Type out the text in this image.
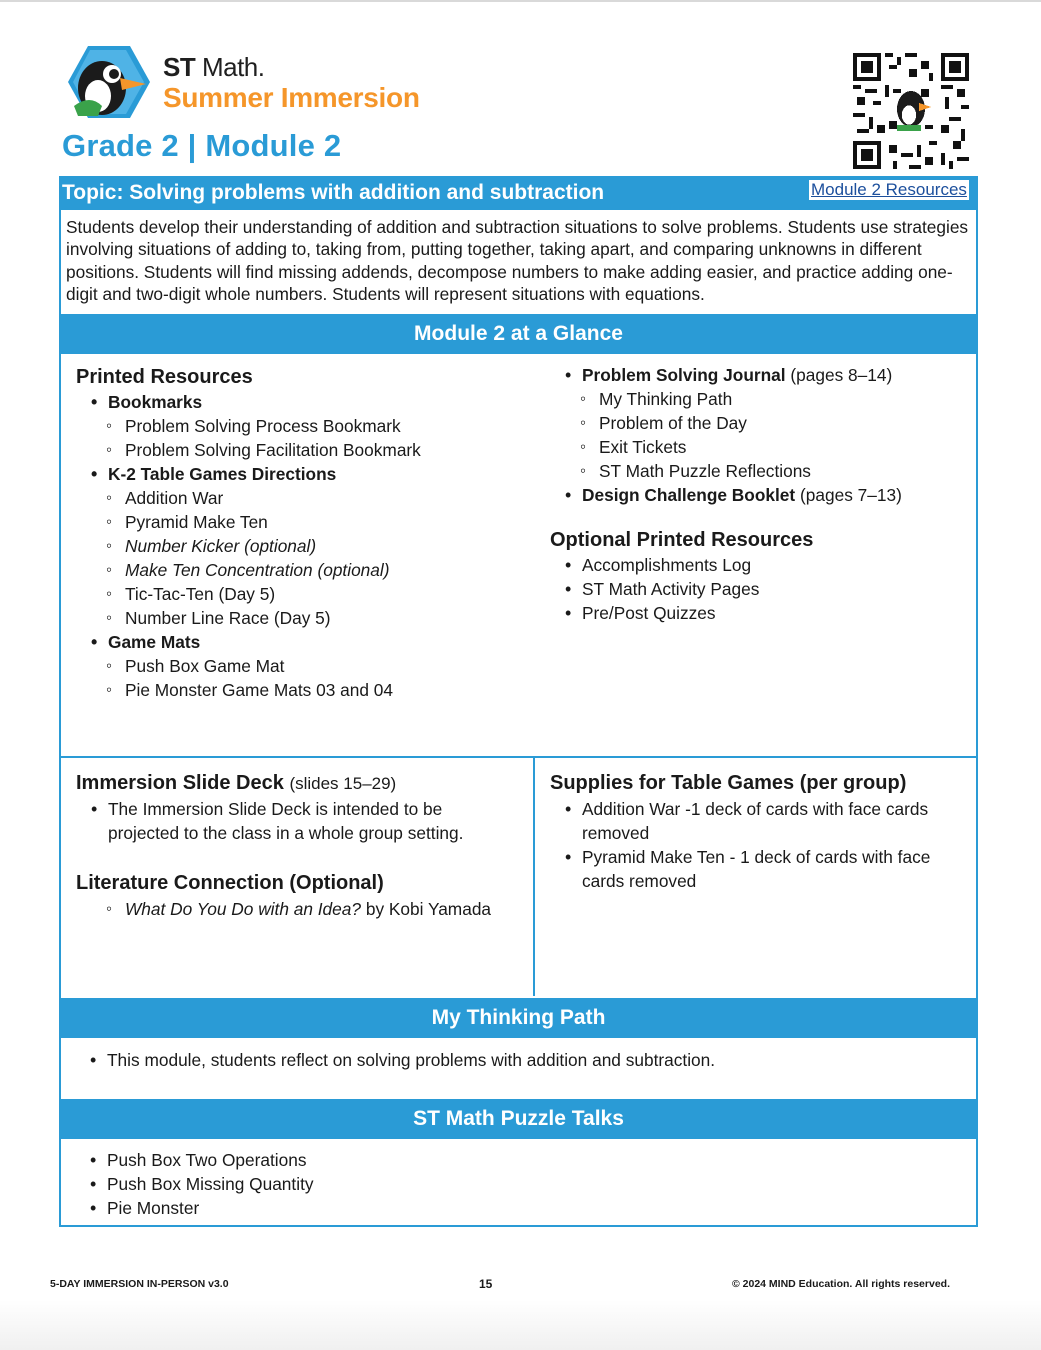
ST Math.
Summer Immersion
Grade 2 | Module 2
Topic: Solving problems with addition and subtraction	Module 2 Resources
Students develop their understanding of addition and subtraction situations to solve problems. Students use strategies involving situations of adding to, taking from, putting together, taking apart, and comparing unknowns in different positions. Students will find missing addends, decompose numbers to make adding easier, and practice adding one-digit and two-digit whole numbers. Students will represent situations with equations.
Module 2 at a Glance
Printed Resources
• Bookmarks
◦ Problem Solving Process Bookmark
◦ Problem Solving Facilitation Bookmark
• K-2 Table Games Directions
◦ Addition War
◦ Pyramid Make Ten
◦ Number Kicker (optional)
◦ Make Ten Concentration (optional)
◦ Tic-Tac-Ten (Day 5)
◦ Number Line Race (Day 5)
• Game Mats
◦ Push Box Game Mat
◦ Pie Monster Game Mats 03 and 04
• Problem Solving Journal (pages 8–14)
◦ My Thinking Path
◦ Problem of the Day
◦ Exit Tickets
◦ ST Math Puzzle Reflections
• Design Challenge Booklet (pages 7–13)
Optional Printed Resources
• Accomplishments Log
• ST Math Activity Pages
• Pre/Post Quizzes
Immersion Slide Deck (slides 15–29)
• The Immersion Slide Deck is intended to be projected to the class in a whole group setting.
Literature Connection (Optional)
◦ What Do You Do with an Idea? by Kobi Yamada
Supplies for Table Games (per group)
• Addition War -1 deck of cards with face cards removed
• Pyramid Make Ten - 1 deck of cards with face cards removed
My Thinking Path
• This module, students reflect on solving problems with addition and subtraction.
ST Math Puzzle Talks
• Push Box Two Operations
• Push Box Missing Quantity
• Pie Monster
5-DAY IMMERSION IN-PERSON v3.0	15	© 2024 MIND Education. All rights reserved.
